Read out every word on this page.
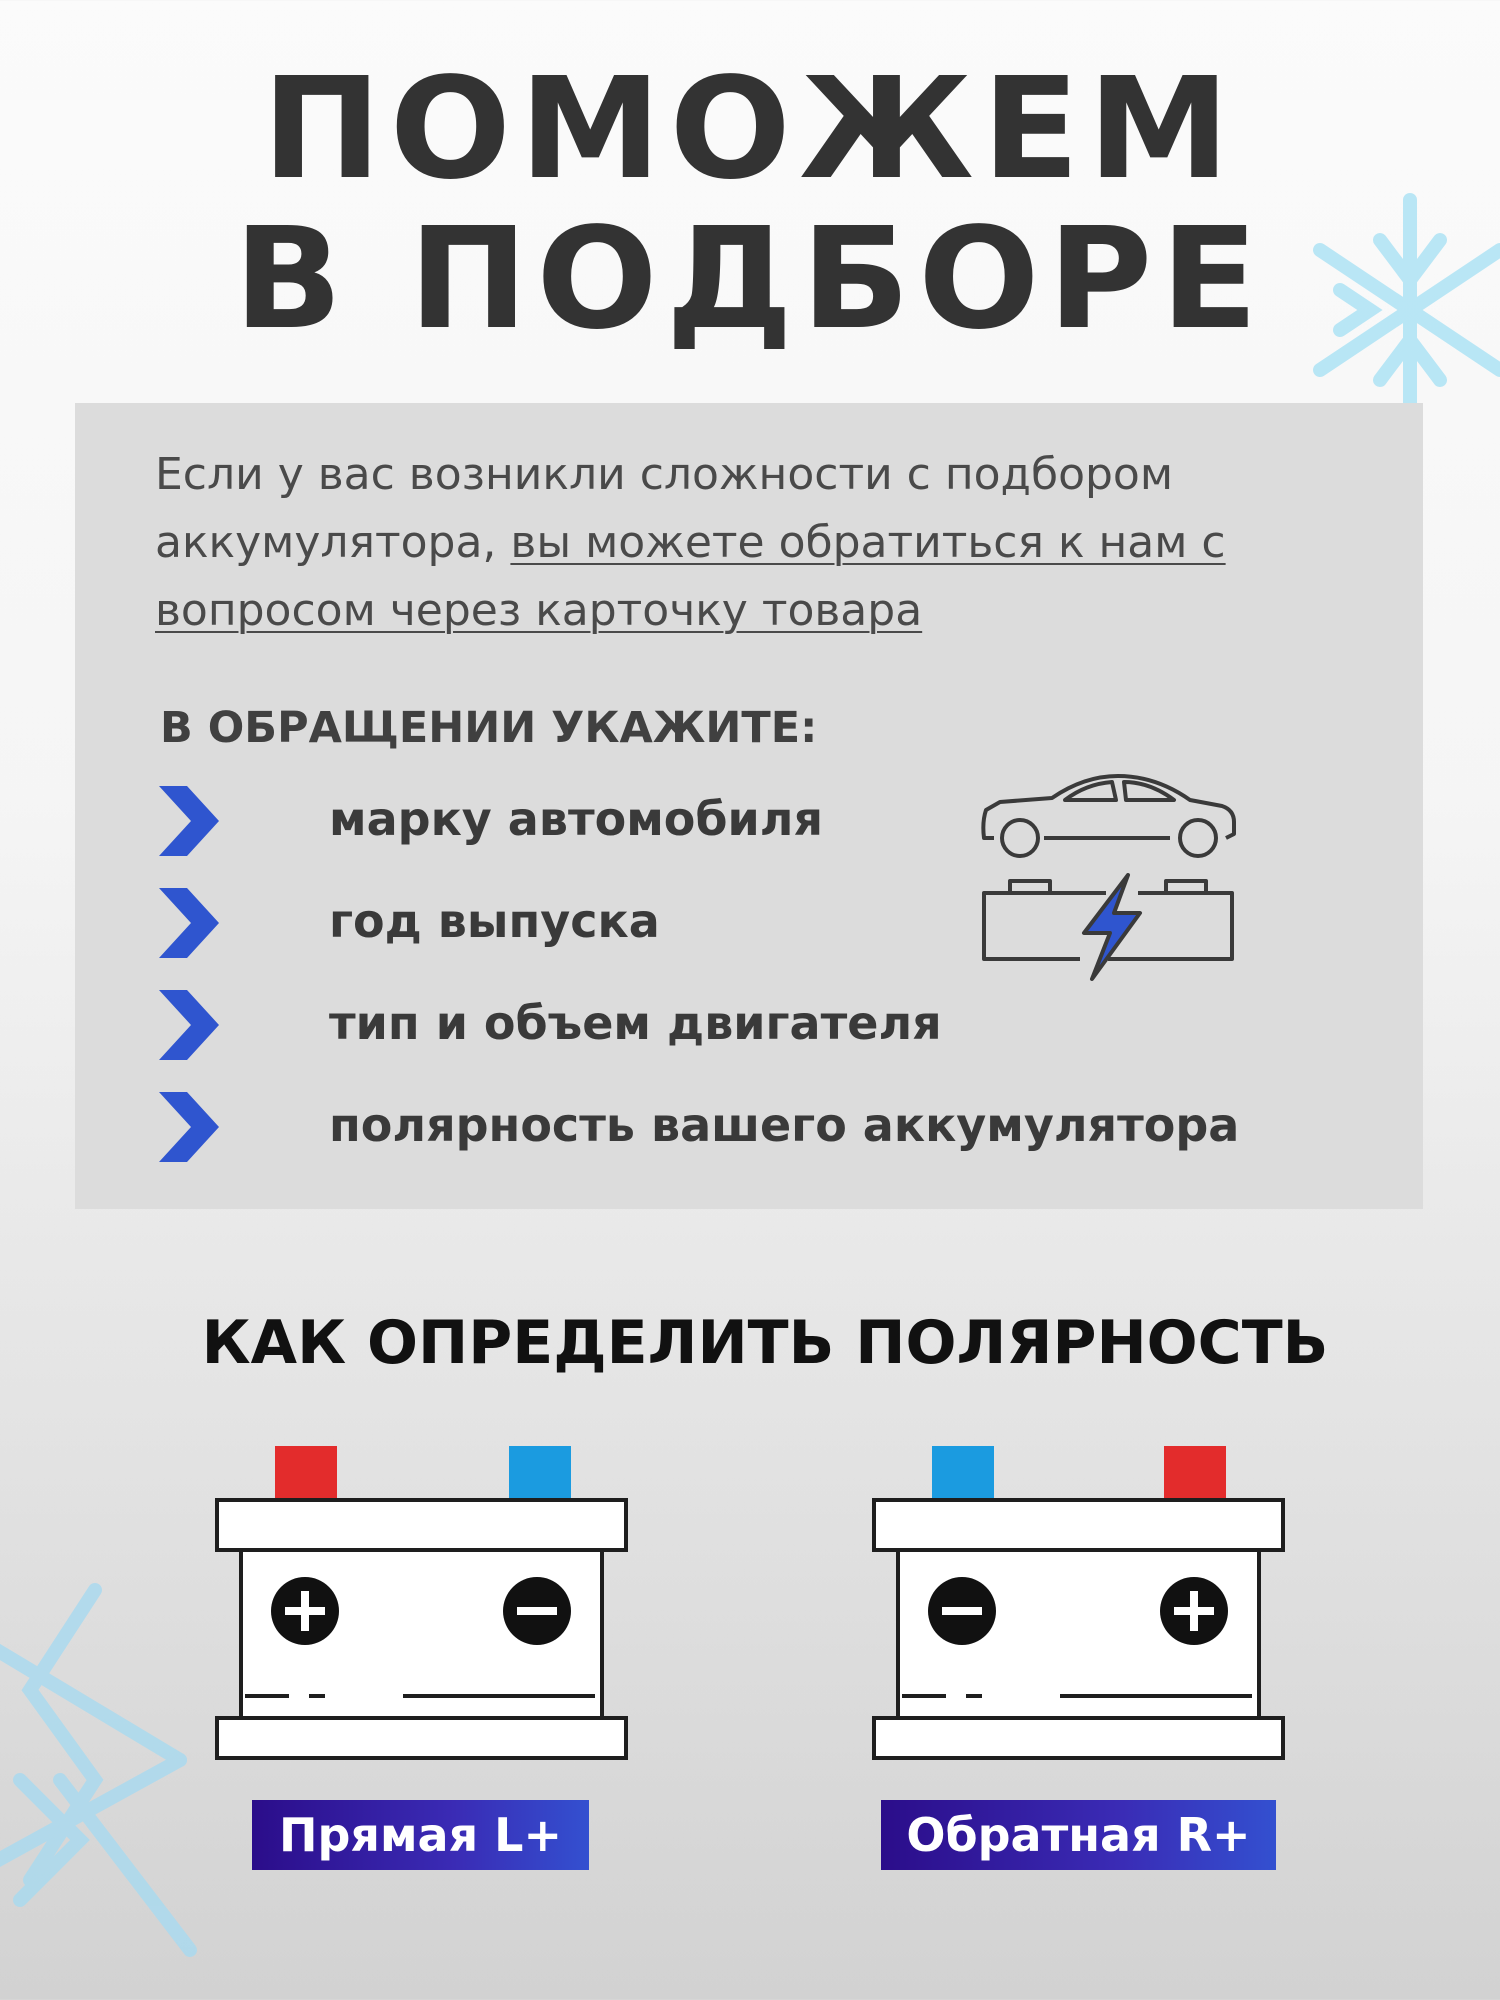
ПОМОЖЕМ
В ПОДБОРЕ
Если у вас возникли сложности с подбором аккумулятора, вы можете обратиться к нам с вопросом через карточку товара
В ОБРАЩЕНИИ УКАЖИТЕ:
марку автомобиля
год выпуска
тип и объем двигателя
полярность вашего аккумулятора
КАК ОПРЕДЕЛИТЬ ПОЛЯРНОСТЬ
Прямая L+	Обратная R+
